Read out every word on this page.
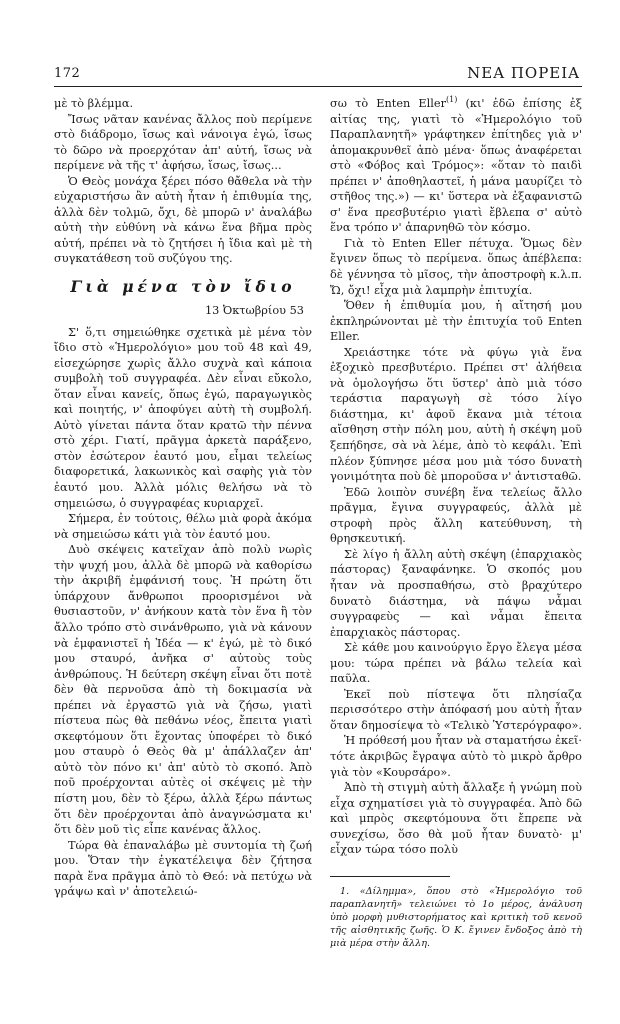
172	ΝΕΑ ΠΟΡΕΙΑ

μὲ τὸ βλέμμα.

Ἴσως νᾶταν κανένας ἄλλος ποὺ περίμενε στὸ διάδρομο, ἴσως καὶ νάνοιγα ἐγώ, ἴσως τὸ δῶρο νὰ προερχόταν ἀπ' αὐτή, ἴσως νὰ περίμενε νὰ τῆς τ' ἀφήσω, ἴσως, ἴσως...

Ὁ Θεὸς μονάχα ξέρει πόσο θἄθελα νὰ τὴν εὐχαριστήσω ἂν αὐτὴ ἦταν ἡ ἐπιθυμία της, ἀλλὰ δὲν τολμῶ, ὄχι, δὲ μπορῶ ν' ἀναλάβω αὐτὴ τὴν εὐθύνη νὰ κάνω ἕνα βῆμα πρὸς αὐτή, πρέπει νὰ τὸ ζητήσει ἡ ἴδια καὶ μὲ τὴ συγκατάθεση τοῦ συζύγου της.

Γιὰ μένα τὸν ἴδιο
13 Ὀκτωβρίου 53

Σ' ὅ,τι σημειώθηκε σχετικὰ μὲ μένα τὸν ἴδιο στὸ «Ἡμερολόγιο» μου τοῦ 48 καὶ 49, εἰσεχώρησε χωρὶς ἄλλο συχνὰ καὶ κάποια συμβολὴ τοῦ συγγραφέα. Δὲν εἶναι εὔκολο, ὅταν εἶναι κανείς, ὅπως ἐγώ, παραγωγικὸς καὶ ποιητής, ν' ἀποφύγει αὐτὴ τὴ συμβολή. Αὐτὸ γίνεται πάντα ὅταν κρατῶ τὴν πέννα στὸ χέρι. Γιατί, πρᾶγμα ἀρκετὰ παράξενο, στὸν ἐσώτερον ἑαυτό μου, εἶμαι τελείως διαφορετικά, λακωνικὸς καὶ σαφὴς γιὰ τὸν ἑαυτό μου. Ἀλλὰ μόλις θελήσω νὰ τὸ σημειώσω, ὁ συγγραφέας κυριαρχεῖ.

Σήμερα, ἐν τούτοις, θέλω μιὰ φορὰ ἀκόμα νὰ σημειώσω κάτι γιὰ τὸν ἑαυτό μου.

Δυὸ σκέψεις κατεῖχαν ἀπὸ πολὺ νωρὶς τὴν ψυχή μου, ἀλλὰ δὲ μπορῶ νὰ καθορίσω τὴν ἀκριβῆ ἐμφάνισή τους. Ἡ πρώτη ὅτι ὑπάρχουν ἄνθρωποι προορισμένοι νὰ θυσιαστοῦν, ν' ἀνήκουν κατὰ τὸν ἕνα ἢ τὸν ἄλλο τρόπο στὸ σινάνθρωπο, γιὰ νὰ κάνουν νὰ ἐμφανιστεῖ ἡ Ἰδέα — κ' ἐγώ, μὲ τὸ δικό μου σταυρό, ἀνῆκα σ' αὐτοὺς τοὺς ἀνθρώπους. Ἡ δεύτερη σκέψη εἶναι ὅτι ποτὲ δὲν θὰ περνοῦσα ἀπὸ τὴ δοκιμασία νὰ πρέπει νὰ ἐργαστῶ γιὰ νὰ ζήσω, γιατὶ πίστευα πὼς θὰ πεθάνω νέος, ἔπειτα γιατὶ σκεφτόμουν ὅτι ἔχοντας ὑποφέρει τὸ δικό μου σταυρὸ ὁ Θεὸς θὰ μ' ἀπάλλαζεν ἀπ' αὐτὸ τὸν πόνο κι' ἀπ' αὐτὸ τὸ σκοπό. Ἀπὸ ποῦ προέρχονται αὐτὲς οἱ σκέψεις μὲ τὴν πίστη μου, δὲν τὸ ξέρω, ἀλλὰ ξέρω πάντως ὅτι δὲν προέρχονται ἀπὸ ἀναγνώσματα κι' ὅτι δὲν μοῦ τὶς εἶπε κανένας ἄλλος.

Τώρα θὰ ἐπαναλάβω μὲ συντομία τὴ ζωή μου. Ὅταν τὴν ἐγκατέλειψα δὲν ζήτησα παρὰ ἕνα πρᾶγμα ἀπὸ τὸ Θεό: νὰ πετύχω νὰ γράψω καὶ ν' ἀποτελειώ-

σω τὸ Enten Eller$^{(1)}$ (κι' ἐδῶ ἐπίσης ἐξ αἰτίας της, γιατὶ τὸ «Ἡμερολόγιο τοῦ Παραπλανητῆ» γράφτηκεν ἐπίτηδες γιὰ ν' ἀπομακρυνθεῖ ἀπὸ μένα· ὅπως ἀναφέρεται στὸ «Φόβος καὶ Τρόμος»: «ὅταν τὸ παιδὶ πρέπει ν' ἀποθηλαστεῖ, ἡ μάνα μαυρίζει τὸ στῆθος της.») — κι' ὕστερα νὰ ἐξαφανιστῶ σ' ἕνα πρεσβυτέριο γιατὶ ἔβλεπα σ' αὐτὸ ἕνα τρόπο ν' ἀπαρνηθῶ τὸν κόσμο.

Γιὰ τὸ Enten Eller πέτυχα. Ὅμως δὲν ἔγινεν ὅπως τὸ περίμενα. ὅπως ἀπέβλεπα: δὲ γέννησα τὸ μῖσος, τὴν ἀποστροφὴ κ.λ.π. Ὤ, ὄχι! εἶχα μιὰ λαμπρὴν ἐπιτυχία.

Ὅθεν ἡ ἐπιθυμία μου, ἡ αἴτησή μου ἐκπληρώνονται μὲ τὴν ἐπιτυχία τοῦ Enten Eller.

Χρειάστηκε τότε νὰ φύγω γιὰ ἕνα ἐξοχικὸ πρεσβυτέριο. Πρέπει στ' ἀλήθεια νὰ ὁμολογήσω ὅτι ὕστερ' ἀπὸ μιὰ τόσο τεράστια παραγωγὴ σὲ τόσο λίγο διάστημα, κι' ἀφοῦ ἔκανα μιὰ τέτοια αἴσθηση στὴν πόλη μου, αὐτὴ ἡ σκέψη μοῦ ξεπήδησε, σὰ νὰ λέμε, ἀπὸ τὸ κεφάλι. Ἐπὶ πλέον ξύπνησε μέσα μου μιὰ τόσο δυνατὴ γονιμότητα ποὺ δὲ μποροῦσα ν' ἀντισταθῶ.

Ἐδῶ λοιπὸν συνέβη ἕνα τελείως ἄλλο πρᾶγμα, ἔγινα συγγραφεύς, ἀλλὰ μὲ στροφὴ πρὸς ἄλλη κατεύθυνση, τὴ θρησκευτική.

Σὲ λίγο ἡ ἄλλη αὐτὴ σκέψη (ἐπαρχιακὸς πάστορας) ξαναφάνηκε. Ὁ σκοπός μου ἦταν νὰ προσπαθήσω, στὸ βραχύτερο δυνατὸ διάστημα, νὰ πάψω νἆμαι συγγραφεὺς — καὶ νἆμαι ἔπειτα ἐπαρχιακὸς πάστορας.

Σὲ κάθε μου καινούργιο ἔργο ἔλεγα μέσα μου: τώρα πρέπει νὰ βάλω τελεία καὶ παῦλα.

Ἐκεῖ ποὺ πίστεψα ὅτι πλησίαζα περισσότερο στὴν ἀπόφασή μου αὐτὴ ἦταν ὅταν δημοσίεψα τὸ «Τελικὸ Ὑστερόγραφο».

Ἡ πρόθεσή μου ἦταν νὰ σταματήσω ἐκεῖ· τότε ἀκριβῶς ἔγραψα αὐτὸ τὸ μικρὸ ἄρθρο γιὰ τὸν «Κουρσάρο».

Ἀπὸ τὴ στιγμὴ αὐτὴ ἄλλαξε ἡ γνώμη ποὺ εἶχα σχηματίσει γιὰ τὸ συγγραφέα. Ἀπὸ δῶ καὶ μπρὸς σκεφτόμουνα ὅτι ἔπρεπε νὰ συνεχίσω, ὅσο θὰ μοῦ ἦταν δυνατὸ· μ' εἶχαν τώρα τόσο πολὺ

1. «Δίλημμα», ὅπου στὸ «Ἡμερολόγιο τοῦ παραπλανητῆ» τελειώνει τὸ 1ο μέρος, ἀνάλυση ὑπὸ μορφὴ μυθιστορήματος καὶ κριτικὴ τοῦ κενοῦ τῆς αἰσθητικῆς ζωῆς. Ὁ Κ. ἔγινεν ἔνδοξος ἀπὸ τὴ μιὰ μέρα στὴν ἄλλη.
